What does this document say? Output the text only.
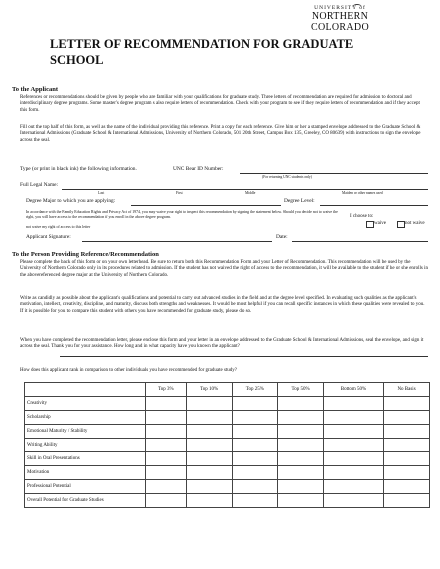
UNIVERSITY of
NORTHERN COLORADO
LETTER OF RECOMMENDATION FOR GRADUATE SCHOOL
To the Applicant
References or recommendations should be given by people who are familiar with your qualifications for graduate study. Three letters of recommendation are required for admission to doctoral and interdisciplinary degree programs. Some master's degree program s also require letters of recommendation. Check with your program to see if they require letters of recommendation and if they accept this form.
Fill out the top half of this form, as well as the name of the individual providing this reference. Print a copy for each reference. Give him or her a stamped envelope addressed to the Graduate School & International Admissions (Graduate School & International Admissions, University of Northern Colorado, 501 20th Street, Campus Box 135, Greeley, CO 80639) with instructions to sign the envelope across the seal.
Type (or print in black ink) the following information.	UNC Bear ID Number:
(For returning UNC students only)
Full Legal Name:
Last	First	Middle	Maiden or other names used
Degree Major to which you are applying:	Degree Level:
In accordance with the Family Education Rights and Privacy Act of 1974, you may waive your right to inspect this recommendation by signing the statement below. Should you decide not to waive the right, you will have access to the recommendation if you enroll in the above degree program.	I choose to:
waive	not waive
not waive my right of access to this letter
Applicant Signature:	Date:
To the Person Providing Reference/Recommendation
Please complete the back of this form or on your own letterhead. Be sure to return both this Recommendation Form and your Letter of Recommendation. This recommendation will be used by the University of Northern Colorado only in its procedures related to admission. If the student has not waived the right of access to the recommendation, it will be available to the student if he or she enrolls in the abovereferenced degree major at the University of Northern Colorado.
Write as candidly as possible about the applicant's qualifications and potential to carry out advanced studies in the field and at the degree level specified. In evaluating such qualities as the applicant's motivation, intellect, creativity, discipline, and maturity, discuss both strengths and weaknesses. It would be most helpful if you can recall specific instances in which these qualities were revealed to you. If it is possible for you to compare this student with others you have recommended for graduate study, please do so.
When you have completed the recommendation letter, please enclose this form and your letter in an envelope addressed to the Graduate School & International Admissions, seal the envelope, and sign it across the seal. Thank you for your assistance. How long and in what capacity have you known the applicant?
How does this applicant rank in comparison to other individuals you have recommended for graduate study?
	Top 3%	Top 10%	Top 25%	Top 50%	Bottom 50%	No Basis
Creativity						
Scholarship						
Emotional Maturity / Stability						
Writing Ability						
Skill in Oral Presentations						
Motivation						
Professional Potential						
Overall Potential for Graduate Studies						
